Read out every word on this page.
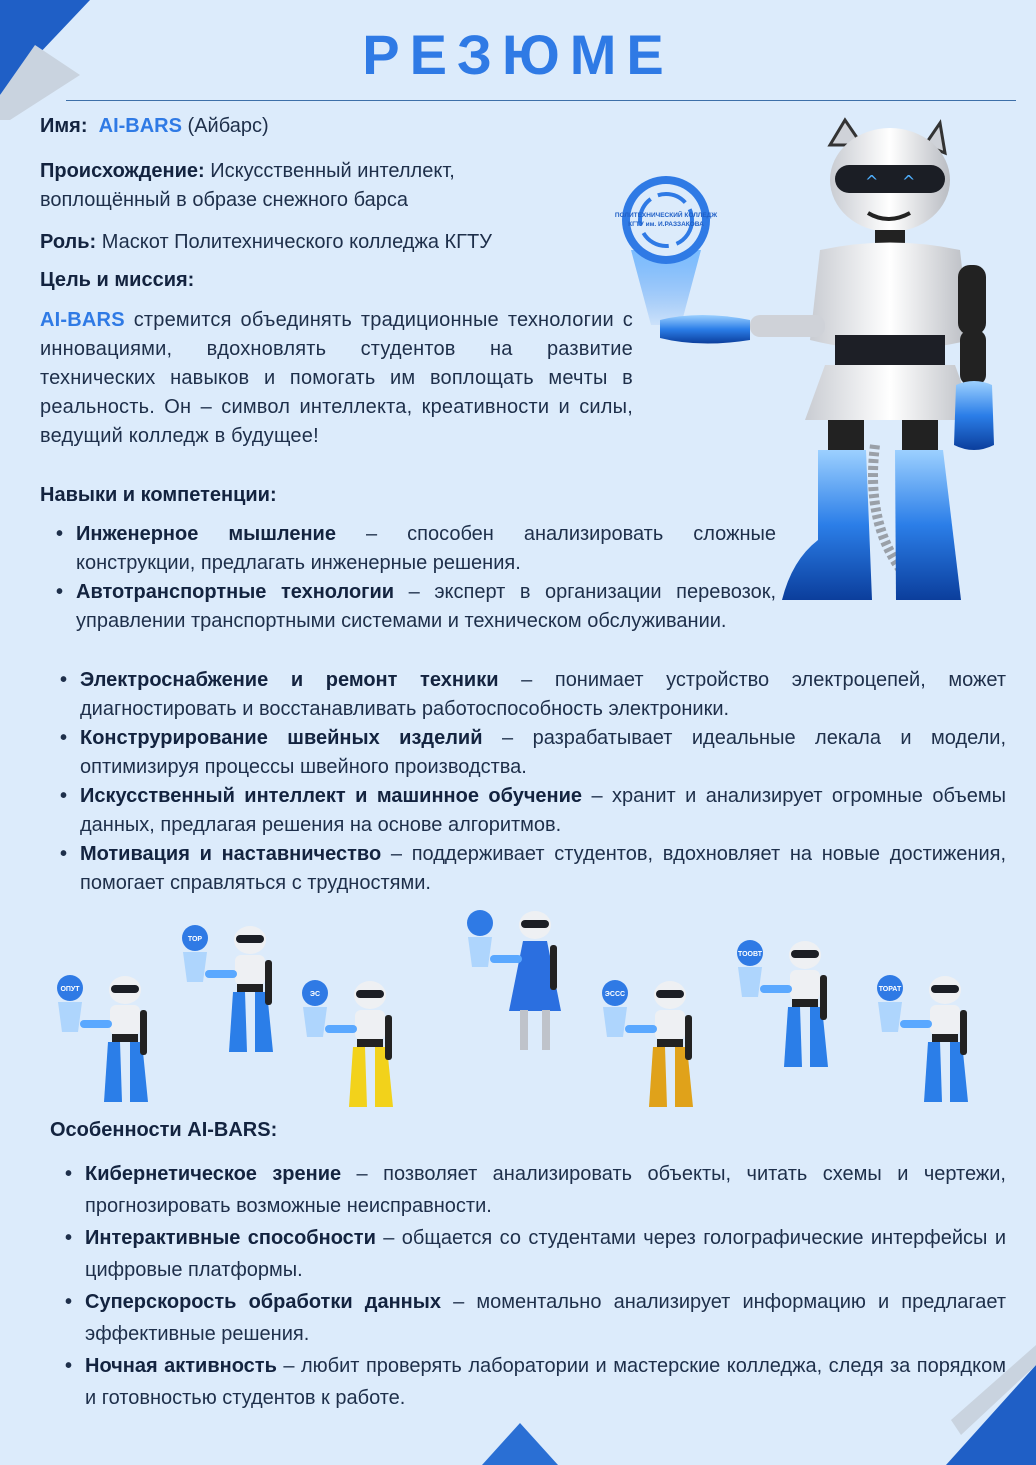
РЕЗЮМЕ
Имя: AI-BARS (Айбарс)
Происхождение: Искусственный интеллект,
воплощённый в образе снежного барса
Роль: Маскот Политехнического колледжа КГТУ
Цель и миссия:
AI-BARS стремится объединять традиционные технологии с инновациями, вдохновлять студентов на развитие технических навыков и помогать им воплощать мечты в реальность. Он – символ интеллекта, креативности и силы, ведущий колледж в будущее!
Навыки и компетенции:
• Инженерное мышление – способен анализировать сложные конструкции, предлагать инженерные решения.
• Автотранспортные технологии – эксперт в организации перевозок, управлении транспортными системами и техническом обслуживании.
• Электроснабжение и ремонт техники – понимает устройство электроцепей, может диагностировать и восстанавливать работоспособность электроники.
• Конструрирование швейных изделий – разрабатывает идеальные лекала и модели, оптимизируя процессы швейного производства.
• Искусственный интеллект и машинное обучение – хранит и анализирует огромные объемы данных, предлагая решения на основе алгоритмов.
• Мотивация и наставничество – поддерживает студентов, вдохновляет на новые достижения, помогает справляться с трудностями.
ПОЛИТЕХНИЧЕСКИЙ КОЛЛЕДЖ
КГТУ им. И.РАЗЗАКОВА
^ ^
ОПУТ
ТОР
ЭС	ЭССС
ТООВТ
ТОРАТ
Особенности AI-BARS:
• Кибернетическое зрение – позволяет анализировать объекты, читать схемы и чертежи, прогнозировать возможные неисправности.
• Интерактивные способности – общается со студентами через голографические интерфейсы и цифровые платформы.
• Суперскорость обработки данных – моментально анализирует информацию и предлагает эффективные решения.
• Ночная активность – любит проверять лаборатории и мастерские колледжа, следя за порядком и готовностью студентов к работе.
